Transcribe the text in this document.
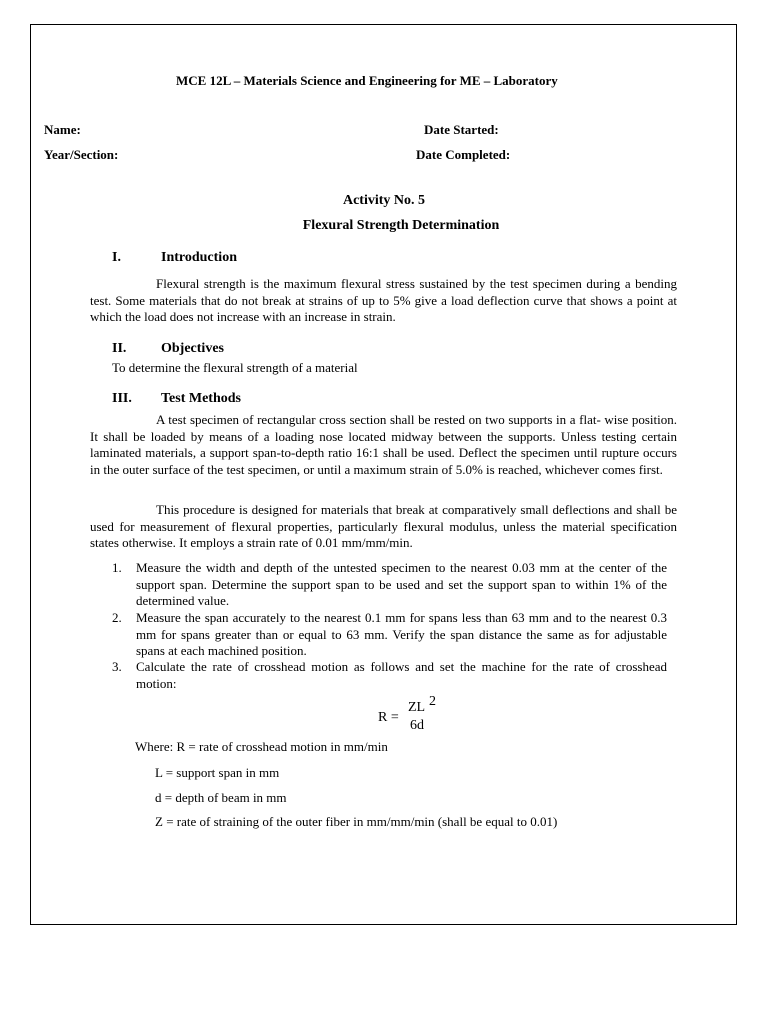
MCE 12L – Materials Science and Engineering for ME – Laboratory
Name:
Year/Section:
Date Started:
Date Completed:
Activity No. 5
Flexural Strength Determination
I.	Introduction
Flexural strength is the maximum flexural stress sustained by the test specimen during a bending test. Some materials that do not break at strains of up to 5% give a load deflection curve that shows a point at which the load does not increase with an increase in strain.
II. Objectives
To determine the flexural strength of a material
III. Test Methods
A test specimen of rectangular cross section shall be rested on two supports in a flat- wise position. It shall be loaded by means of a loading nose located midway between the supports. Unless testing certain laminated materials, a support span-to-depth ratio 16:1 shall be used. Deflect the specimen until rupture occurs in the outer surface of the test specimen, or until a maximum strain of 5.0% is reached, whichever comes first.
This procedure is designed for materials that break at comparatively small deflections and shall be used for measurement of flexural properties, particularly flexural modulus, unless the material specification states otherwise. It employs a strain rate of 0.01 mm/mm/min.
1. Measure the width and depth of the untested specimen to the nearest 0.03 mm at the center of the support span. Determine the support span to be used and set the support span to within 1% of the determined value.
2. Measure the span accurately to the nearest 0.1 mm for spans less than 63 mm and to the nearest 0.3 mm for spans greater than or equal to 63 mm. Verify the span distance the same as for adjustable spans at each machined position.
3. Calculate the rate of crosshead motion as follows and set the machine for the rate of crosshead motion:
R =
ZL 2
6d
Where: R = rate of crosshead motion in mm/min
L = support span in mm
d = depth of beam in mm
Z = rate of straining of the outer fiber in mm/mm/min (shall be equal to 0.01)
